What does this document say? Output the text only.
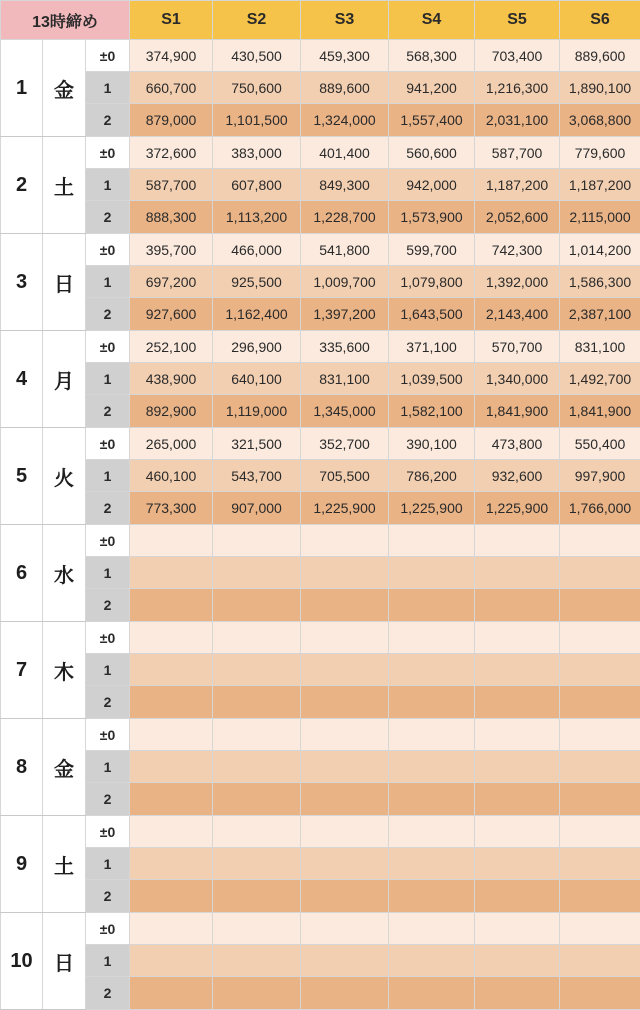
13時締め			S1	S2	S3	S4	S5	S6
1	金	±0	374,900	430,500	459,300	568,300	703,400	889,600
		1	660,700	750,600	889,600	941,200	1,216,300	1,890,100
		2	879,000	1,101,500	1,324,000	1,557,400	2,031,100	3,068,800
2	土	±0	372,600	383,000	401,400	560,600	587,700	779,600
		1	587,700	607,800	849,300	942,000	1,187,200	1,187,200
		2	888,300	1,113,200	1,228,700	1,573,900	2,052,600	2,115,000
3	日	±0	395,700	466,000	541,800	599,700	742,300	1,014,200
		1	697,200	925,500	1,009,700	1,079,800	1,392,000	1,586,300
		2	927,600	1,162,400	1,397,200	1,643,500	2,143,400	2,387,100
4	月	±0	252,100	296,900	335,600	371,100	570,700	831,100
		1	438,900	640,100	831,100	1,039,500	1,340,000	1,492,700
		2	892,900	1,119,000	1,345,000	1,582,100	1,841,900	1,841,900
5	火	±0	265,000	321,500	352,700	390,100	473,800	550,400
		1	460,100	543,700	705,500	786,200	932,600	997,900
		2	773,300	907,000	1,225,900	1,225,900	1,225,900	1,766,000
6	水	±0						
		1						
		2						
7	木	±0						
		1						
		2						
8	金	±0						
		1						
		2						
9	土	±0						
		1						
		2						
10	日	±0						
		1						
		2						
